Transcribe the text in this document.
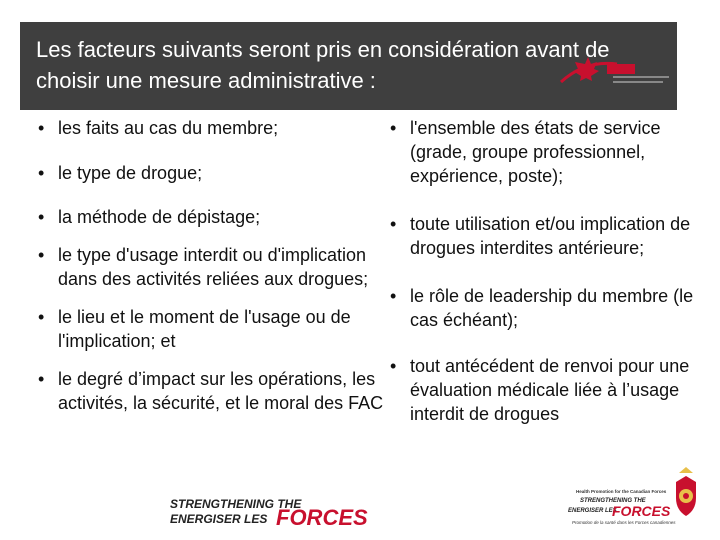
Les facteurs suivants seront pris en considération avant de choisir une mesure administrative :
• les faits au cas du membre;
• le type de drogue;
• la méthode de dépistage;
• le type d'usage interdit ou d'implication dans des activités reliées aux drogues;
• le lieu et le moment de l'usage ou de l'implication; et
• le degré d’impact sur les opérations, les activités, la sécurité, et le moral des FAC
• l'ensemble des états de service (grade, groupe professionnel, expérience, poste);
• toute utilisation et/ou implication de drogues interdites antérieure;
• le rôle de leadership du membre (le cas échéant);
• tout antécédent de renvoi pour une évaluation médicale liée à l’usage interdit de drogues
STRENGTHENING THE
ENERGISER LES FORCES
Health Promotion for the Canadian Forces
STRENGTHENING THE
ENERGISER LES
FORCES
Promotion de la santé dans les Forces canadiennes
